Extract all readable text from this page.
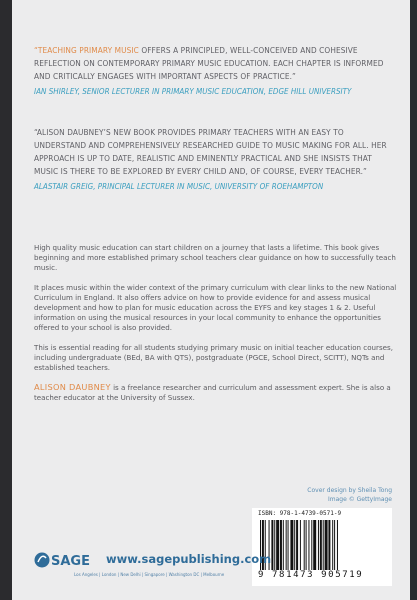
“TEACHING PRIMARY MUSIC OFFERS A PRINCIPLED, WELL-CONCEIVED AND COHESIVE REFLECTION ON CONTEMPORARY PRIMARY MUSIC EDUCATION. EACH CHAPTER IS INFORMED AND CRITICALLY ENGAGES WITH IMPORTANT ASPECTS OF PRACTICE.”

IAN SHIRLEY, SENIOR LECTURER IN PRIMARY MUSIC EDUCATION, EDGE HILL UNIVERSITY

“ALISON DAUBNEY’S NEW BOOK PROVIDES PRIMARY TEACHERS WITH AN EASY TO UNDERSTAND AND COMPREHENSIVELY RESEARCHED GUIDE TO MUSIC MAKING FOR ALL. HER APPROACH IS UP TO DATE, REALISTIC AND EMINENTLY PRACTICAL AND SHE INSISTS THAT MUSIC IS THERE TO BE EXPLORED BY EVERY CHILD AND, OF COURSE, EVERY TEACHER.”

ALASTAIR GREIG, PRINCIPAL LECTURER IN MUSIC, UNIVERSITY OF ROEHAMPTON

High quality music education can start children on a journey that lasts a lifetime. This book gives beginning and more established primary school teachers clear guidance on how to successfully teach music.

It places music within the wider context of the primary curriculum with clear links to the new National Curriculum in England. It also offers advice on how to provide evidence for and assess musical development and how to plan for music education across the EYFS and key stages 1 & 2. Useful information on using the musical resources in your local community to enhance the opportunities offered to your school is also provided.

This is essential reading for all students studying primary music on initial teacher education courses, including undergraduate (BEd, BA with QTS), postgraduate (PGCE, School Direct, SCITT), NQTs and established teachers.

ALISON DAUBNEY is a freelance researcher and curriculum and assessment expert. She is also a teacher educator at the University of Sussex.

Cover design by Sheila Tong
Image © GettyImage
ISBN: 978-1-4739-0571-9
9 781473 905719
SAGE www.sagepublishing.com
Los Angeles | London | New Delhi | Singapore | Washington DC | Melbourne
